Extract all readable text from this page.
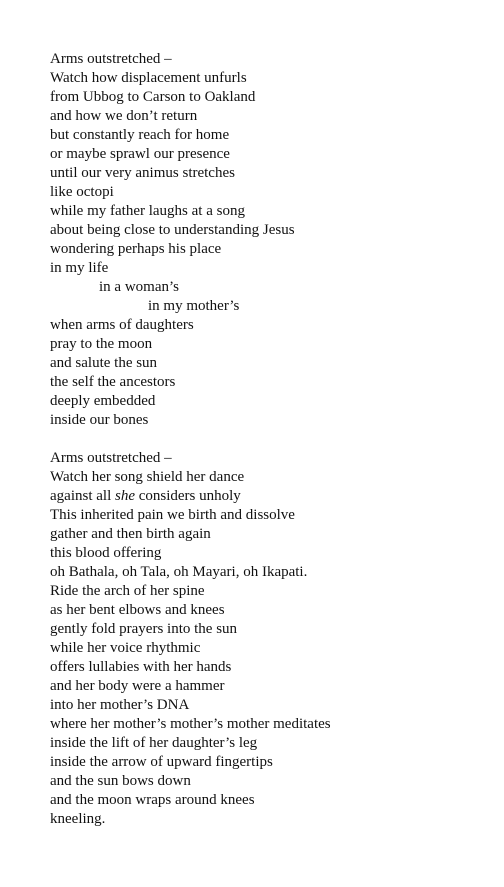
Arms outstretched –
Watch how displacement unfurls
from Ubbog to Carson to Oakland
and how we don’t return
but constantly reach for home
or maybe sprawl our presence
until our very animus stretches
like octopi
while my father laughs at a song
about being close to understanding Jesus
wondering perhaps his place
in my life
in a woman’s
in my mother’s
when arms of daughters
pray to the moon
and salute the sun
the self the ancestors
deeply embedded
inside our bones
Arms outstretched –
Watch her song shield her dance
against all she considers unholy
This inherited pain we birth and dissolve
gather and then birth again
this blood offering
oh Bathala, oh Tala, oh Mayari, oh Ikapati.
Ride the arch of her spine
as her bent elbows and knees
gently fold prayers into the sun
while her voice rhythmic
offers lullabies with her hands
and her body were a hammer
into her mother’s DNA
where her mother’s mother’s mother meditates
inside the lift of her daughter’s leg
inside the arrow of upward fingertips
and the sun bows down
and the moon wraps around knees
kneeling.
